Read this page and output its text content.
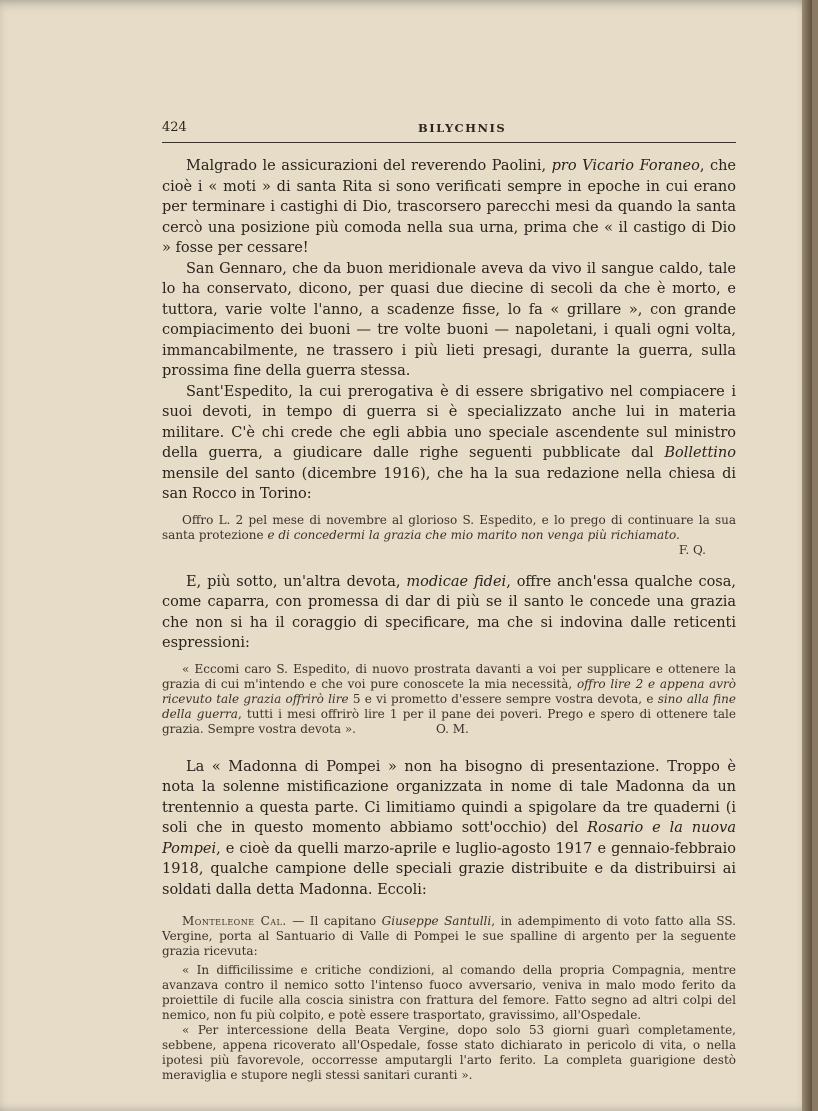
424	BILYCHNIS

Malgrado le assicurazioni del reverendo Paolini, pro Vicario Foraneo, che cioè i « moti » di santa Rita si sono verificati sempre in epoche in cui erano per terminare i castighi di Dio, trascorsero parecchi mesi da quando la santa cercò una posizione più comoda nella sua urna, prima che « il castigo di Dio » fosse per cessare!

San Gennaro, che da buon meridionale aveva da vivo il sangue caldo, tale lo ha conservato, dicono, per quasi due diecine di secoli da che è morto, e tuttora, varie volte l'anno, a scadenze fisse, lo fa « grillare », con grande compiacimento dei buoni — tre volte buoni — napoletani, i quali ogni volta, immancabilmente, ne trassero i più lieti presagi, durante la guerra, sulla prossima fine della guerra stessa.

Sant'Espedito, la cui prerogativa è di essere sbrigativo nel compiacere i suoi devoti, in tempo di guerra si è specializzato anche lui in materia militare. C'è chi crede che egli abbia uno speciale ascendente sul ministro della guerra, a giudicare dalle righe seguenti pubblicate dal Bollettino mensile del santo (dicembre 1916), che ha la sua redazione nella chiesa di san Rocco in Torino:

Offro L. 2 pel mese di novembre al glorioso S. Espedito, e lo prego di continuare la sua santa protezione e di concedermi la grazia che mio marito non venga più richiamato.

F. Q.

E, più sotto, un'altra devota, modicae fidei, offre anch'essa qualche cosa, come caparra, con promessa di dar di più se il santo le concede una grazia che non si ha il coraggio di specificare, ma che si indovina dalle reticenti espressioni:

« Eccomi caro S. Espedito, di nuovo prostrata davanti a voi per supplicare e ottenere la grazia di cui m'intendo e che voi pure conoscete la mia necessità, offro lire 2 e appena avrò ricevuto tale grazia offrirò lire 5 e vi prometto d'essere sempre vostra devota, e sino alla fine della guerra, tutti i mesi offrirò lire 1 per il pane dei poveri. Prego e spero di ottenere tale grazia. Sempre vostra devota ».	O. M.

La « Madonna di Pompei » non ha bisogno di presentazione. Troppo è nota la solenne mistificazione organizzata in nome di tale Madonna da un trentennio a questa parte. Ci limitiamo quindi a spigolare da tre quaderni (i soli che in questo momento abbiamo sott'occhio) del Rosario e la nuova Pompei, e cioè da quelli marzo-aprile e luglio-agosto 1917 e gennaio-febbraio 1918, qualche campione delle speciali grazie distribuite e da distribuirsi ai soldati dalla detta Madonna. Eccoli:

Monteleone Cal. — Il capitano Giuseppe Santulli, in adempimento di voto fatto alla SS. Vergine, porta al Santuario di Valle di Pompei le sue spalline di argento per la seguente grazia ricevuta:

« In difficilissime e critiche condizioni, al comando della propria Compagnia, mentre avanzava contro il nemico sotto l'intenso fuoco avversario, veniva in malo modo ferito da proiettile di fucile alla coscia sinistra con frattura del femore. Fatto segno ad altri colpi del nemico, non fu più colpito, e potè essere trasportato, gravissimo, all'Ospedale.

« Per intercessione della Beata Vergine, dopo solo 53 giorni guarì completamente, sebbene, appena ricoverato all'Ospedale, fosse stato dichiarato in pericolo di vita, o nella ipotesi più favorevole, occorresse amputargli l'arto ferito. La completa guarigione destò meraviglia e stupore negli stessi sanitari curanti ».
